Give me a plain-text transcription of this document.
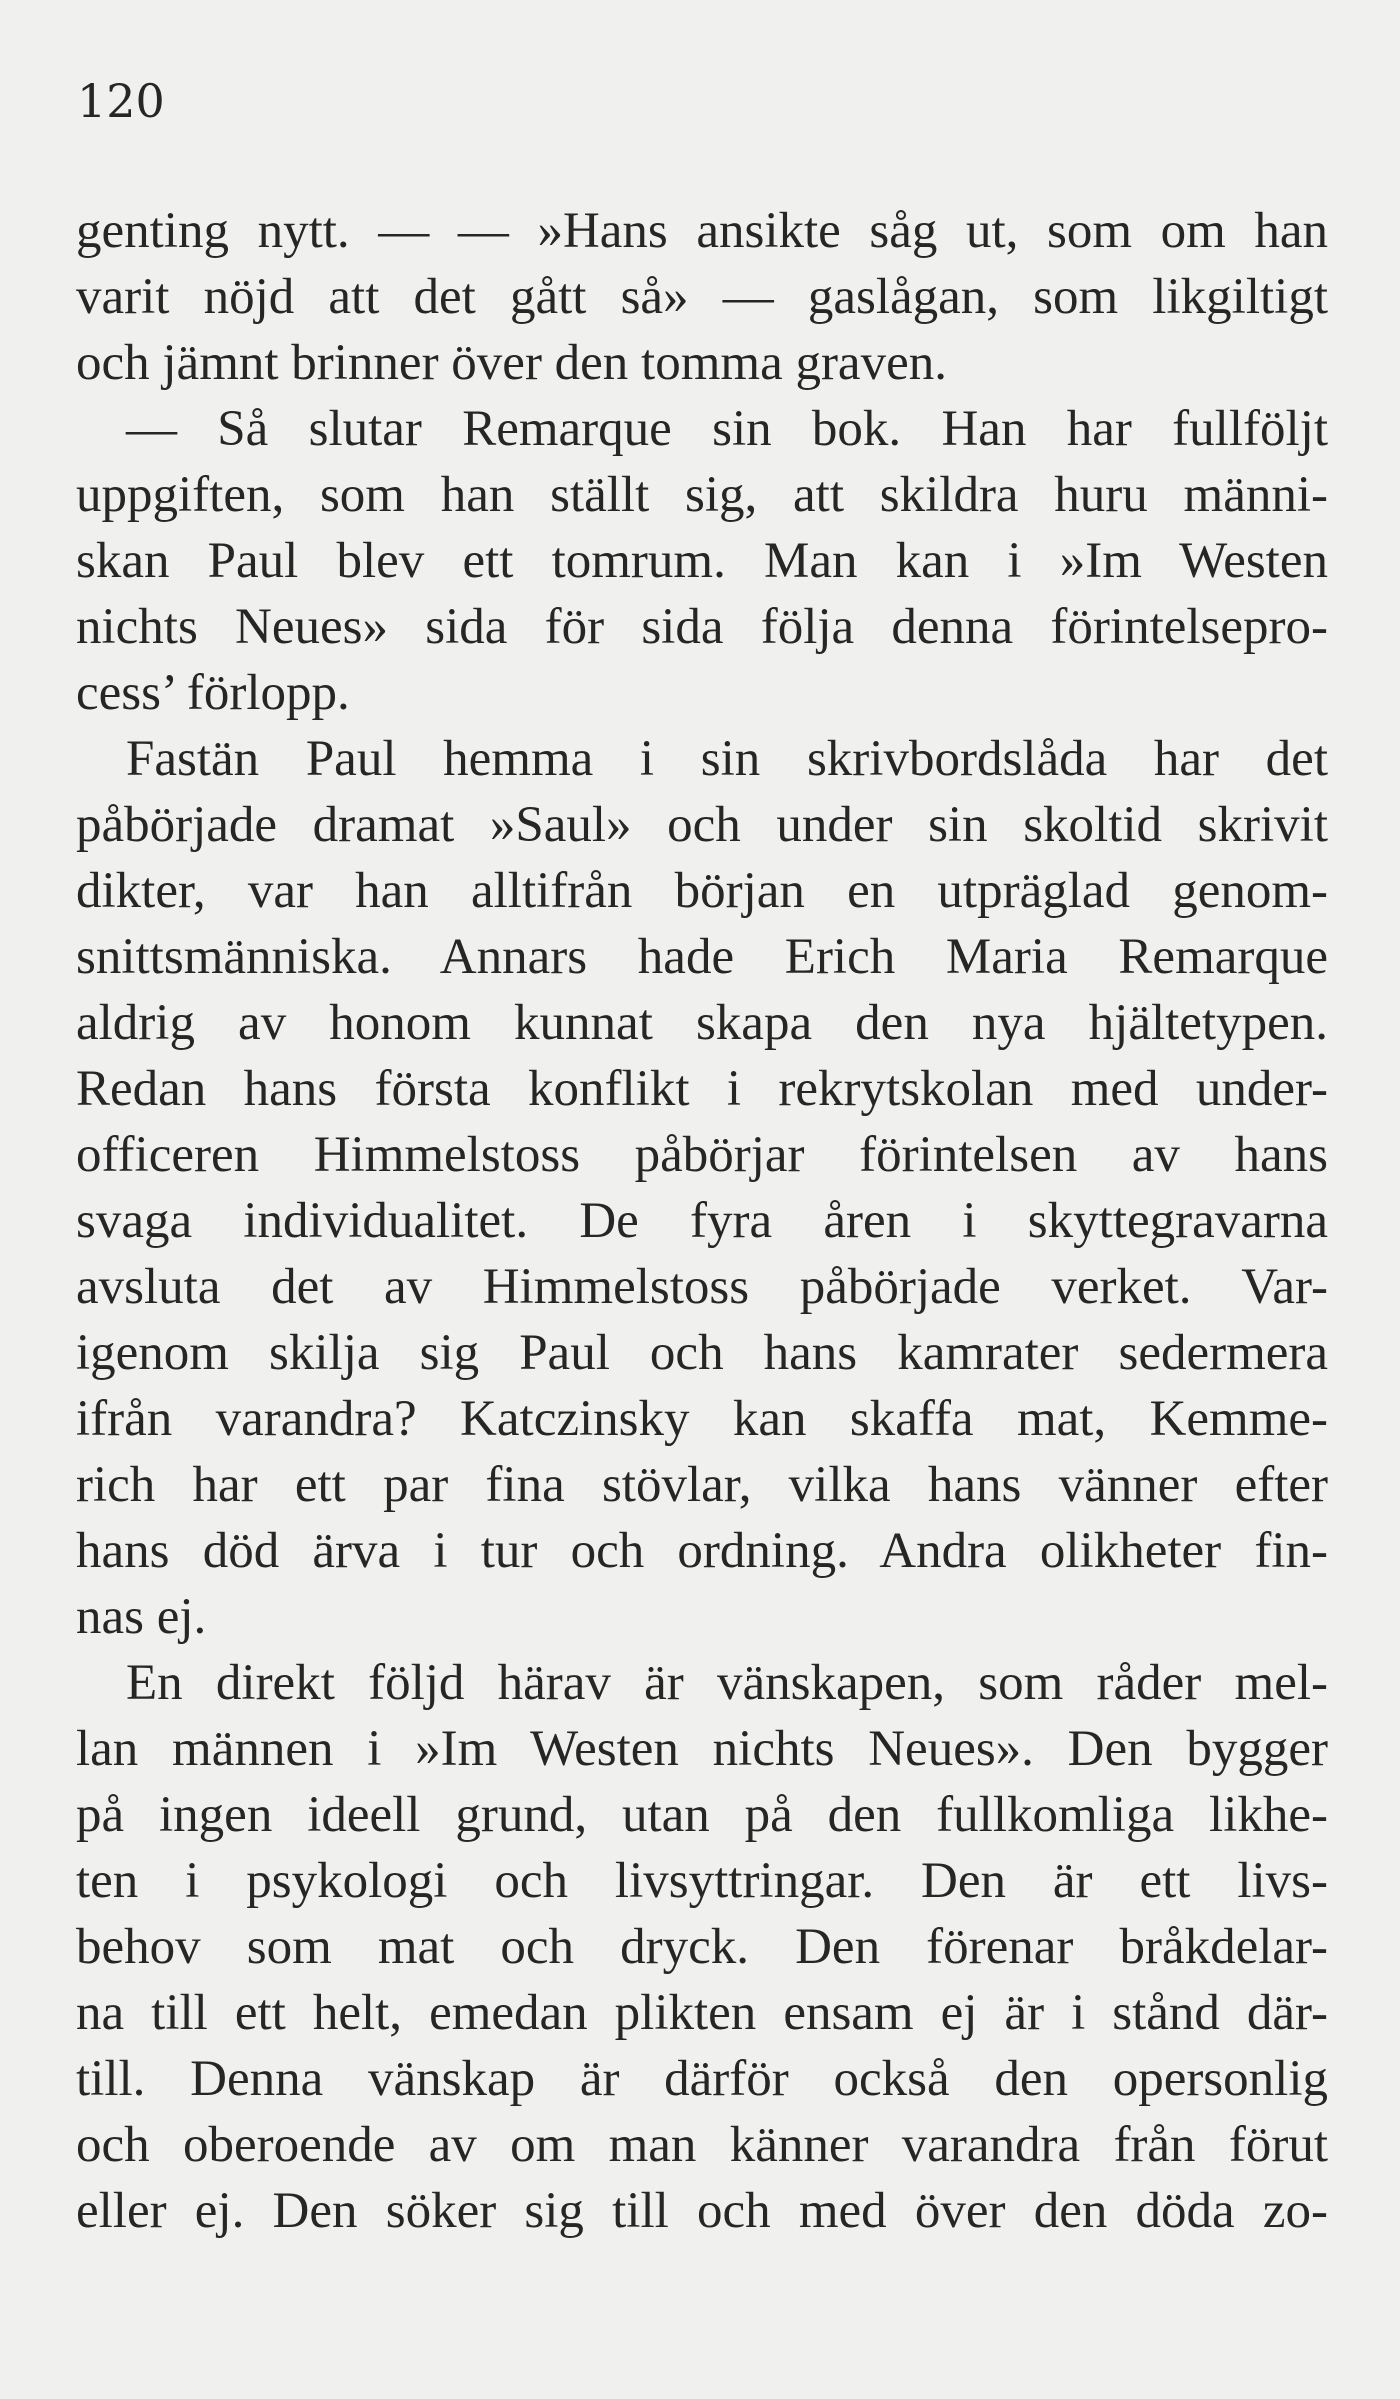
120
genting nytt. — — »Hans ansikte såg ut, som om han
varit nöjd att det gått så» — gaslågan, som likgiltigt
och jämnt brinner över den tomma graven.
— Så slutar Remarque sin bok. Han har fullföljt
uppgiften, som han ställt sig, att skildra huru männi-
skan Paul blev ett tomrum. Man kan i »Im Westen
nichts Neues» sida för sida följa denna förintelsepro-
cess’ förlopp.
Fastän Paul hemma i sin skrivbordslåda har det
påbörjade dramat »Saul» och under sin skoltid skrivit
dikter, var han alltifrån början en utpräglad genom-
snittsmänniska. Annars hade Erich Maria Remarque
aldrig av honom kunnat skapa den nya hjältetypen.
Redan hans första konflikt i rekrytskolan med under-
officeren Himmelstoss påbörjar förintelsen av hans
svaga individualitet. De fyra åren i skyttegravarna
avsluta det av Himmelstoss påbörjade verket. Var-
igenom skilja sig Paul och hans kamrater sedermera
ifrån varandra? Katczinsky kan skaffa mat, Kemme-
rich har ett par fina stövlar, vilka hans vänner efter
hans död ärva i tur och ordning. Andra olikheter fin-
nas ej.
En direkt följd härav är vänskapen, som råder mel-
lan männen i »Im Westen nichts Neues». Den bygger
på ingen ideell grund, utan på den fullkomliga likhe-
ten i psykologi och livsyttringar. Den är ett livs-
behov som mat och dryck. Den förenar bråkdelar-
na till ett helt, emedan plikten ensam ej är i stånd där-
till. Denna vänskap är därför också den opersonlig
och oberoende av om man känner varandra från förut
eller ej. Den söker sig till och med över den döda zo-
